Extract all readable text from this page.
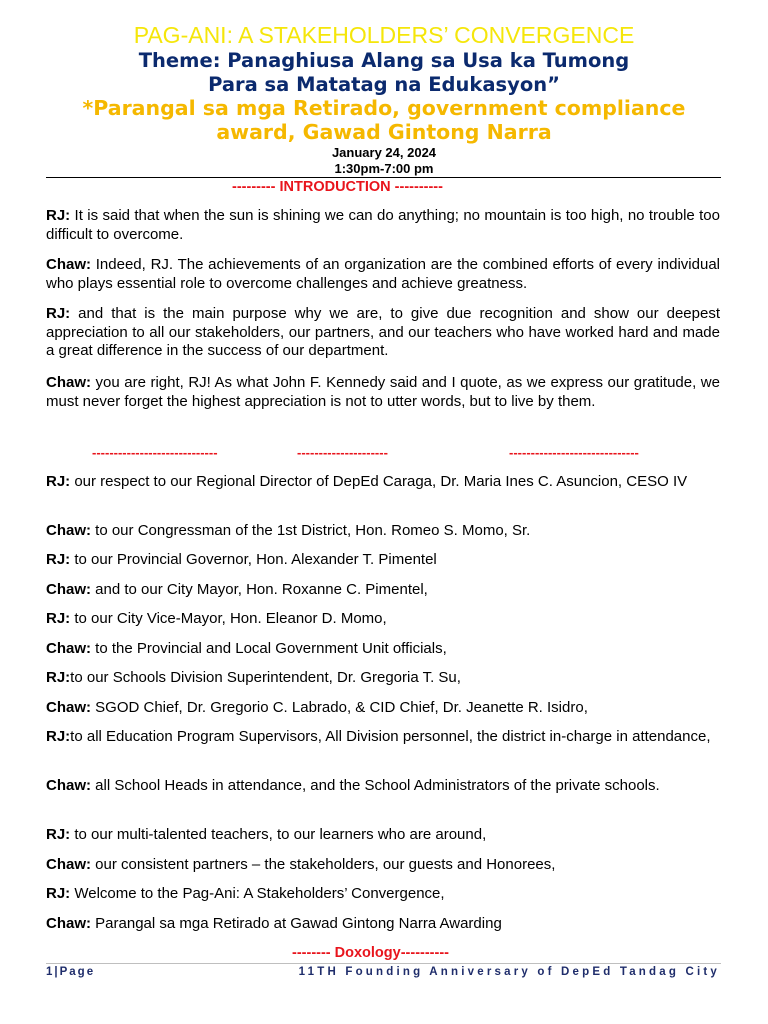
PAG-ANI: A STAKEHOLDERS’ CONVERGENCE
Theme: Panaghiusa Alang sa Usa ka Tumong
Para sa Matatag na Edukasyon”
*Parangal sa mga Retirado, government compliance
award, Gawad Gintong Narra
January 24, 2024
1:30pm-7:00 pm
--------- INTRODUCTION ----------

RJ: It is said that when the sun is shining we can do anything; no mountain is too high, no trouble too difficult to overcome.

Chaw: Indeed, RJ. The achievements of an organization are the combined efforts of every individual who plays essential role to overcome challenges and achieve greatness.

RJ: and that is the main purpose why we are, to give due recognition and show our deepest appreciation to all our stakeholders, our partners, and our teachers who have worked hard and made a great difference in the success of our department.

Chaw: you are right, RJ! As what John F. Kennedy said and I quote, as we express our gratitude, we must never forget the highest appreciation is not to utter words, but to live by them.

-----------------------------	---------------------	------------------------------

RJ: our respect to our Regional Director of DepEd Caraga, Dr. Maria Ines C. Asuncion, CESO IV

Chaw: to our Congressman of the 1st District, Hon. Romeo S. Momo, Sr.

RJ: to our Provincial Governor, Hon. Alexander T. Pimentel

Chaw: and to our City Mayor, Hon. Roxanne C. Pimentel,

RJ: to our City Vice-Mayor, Hon. Eleanor D. Momo,

Chaw: to the Provincial and Local Government Unit officials,

RJ:to our Schools Division Superintendent, Dr. Gregoria T. Su,

Chaw: SGOD Chief, Dr. Gregorio C. Labrado, & CID Chief, Dr. Jeanette R. Isidro,

RJ:to all Education Program Supervisors, All Division personnel, the district in-charge in attendance,

Chaw: all School Heads in attendance, and the School Administrators of the private schools.

RJ: to our multi-talented teachers, to our learners who are around,

Chaw: our consistent partners – the stakeholders, our guests and Honorees,

RJ: Welcome to the Pag-Ani: A Stakeholders’ Convergence,

Chaw: Parangal sa mga Retirado at Gawad Gintong Narra Awarding

-------- Doxology----------
1|Page	11TH Founding Anniversary of DepEd Tandag City
